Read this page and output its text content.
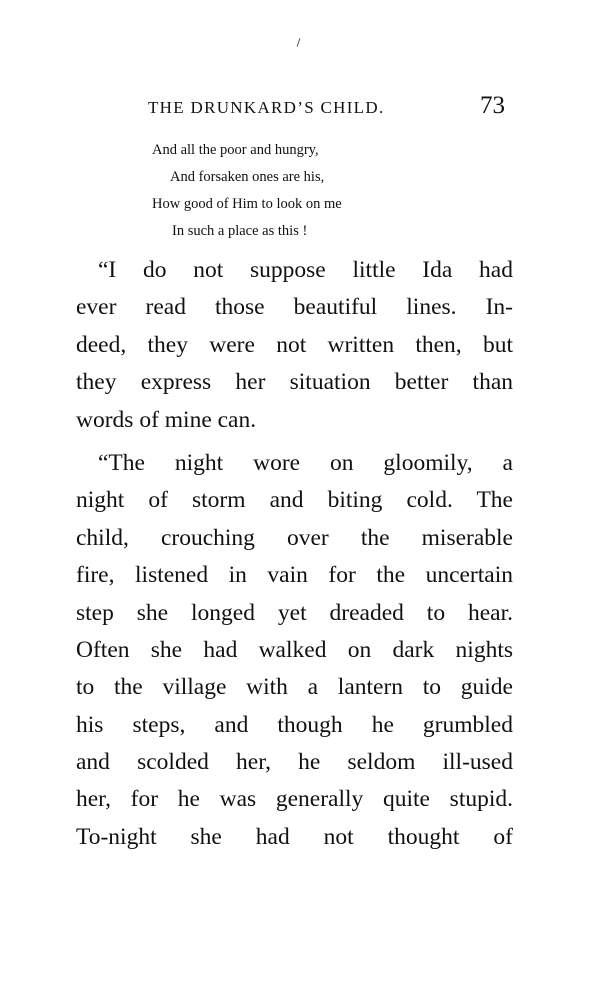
THE DRUNKARD’S CHILD.	73
And all the poor and hungry,
And forsaken ones are his,
How good of Him to look on me
In such a place as this !
“I do not suppose little Ida had
ever read those beautiful lines. In-
deed, they were not written then, but
they express her situation better than
words of mine can.
“The night wore on gloomily, a
night of storm and biting cold. The
child, crouching over the miserable
fire, listened in vain for the uncertain
step she longed yet dreaded to hear.
Often she had walked on dark nights
to the village with a lantern to guide
his steps, and though he grumbled
and scolded her, he seldom ill-used
her, for he was generally quite stupid.
To-night she had not thought of
